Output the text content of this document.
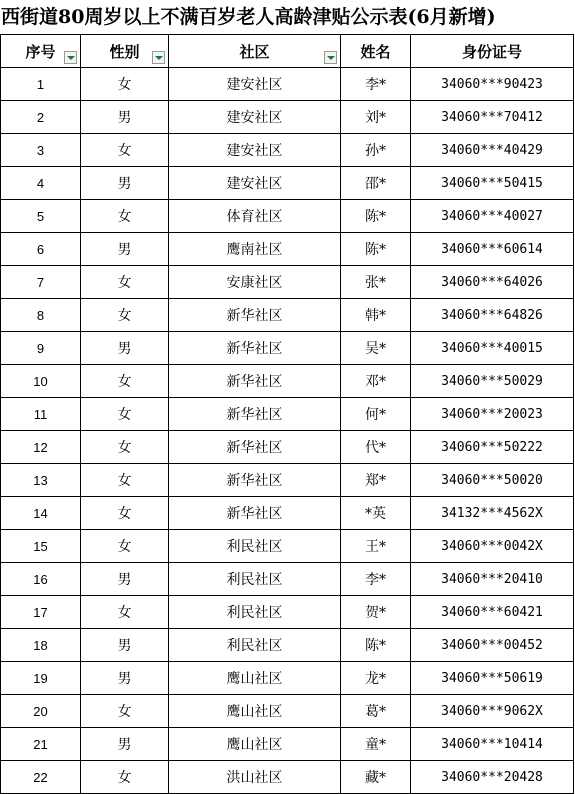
西街道80周岁以上不满百岁老人高龄津贴公示表(6月新增)
序号	性别	社区	姓名	身份证号
1	女	建安社区	李*	34060***90423
2	男	建安社区	刘*	34060***70412
3	女	建安社区	孙*	34060***40429
4	男	建安社区	邵*	34060***50415
5	女	体育社区	陈*	34060***40027
6	男	鹰南社区	陈*	34060***60614
7	女	安康社区	张*	34060***64026
8	女	新华社区	韩*	34060***64826
9	男	新华社区	吴*	34060***40015
10	女	新华社区	邓*	34060***50029
11	女	新华社区	何*	34060***20023
12	女	新华社区	代*	34060***50222
13	女	新华社区	郑*	34060***50020
14	女	新华社区	*英	34132***4562X
15	女	利民社区	王*	34060***0042X
16	男	利民社区	李*	34060***20410
17	女	利民社区	贺*	34060***60421
18	男	利民社区	陈*	34060***00452
19	男	鹰山社区	龙*	34060***50619
20	女	鹰山社区	葛*	34060***9062X
21	男	鹰山社区	童*	34060***10414
22	女	洪山社区	藏*	34060***20428
